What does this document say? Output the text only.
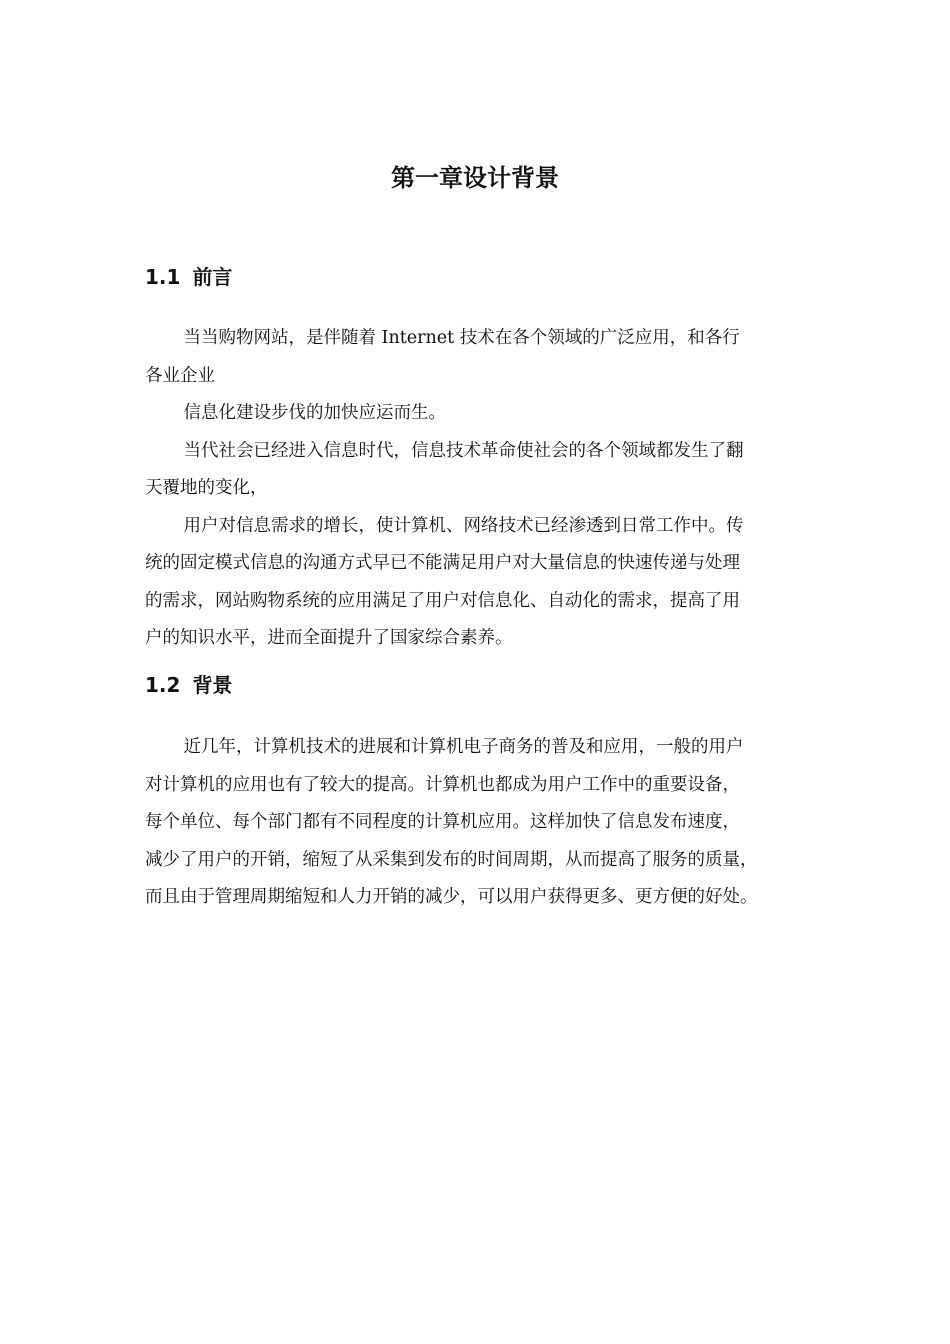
第一章设计背景
1.1 前言

当当购物网站，是伴随着 Internet 技术在各个领域的广泛应用，和各行

各业企业

信息化建设步伐的加快应运而生。

当代社会已经进入信息时代，信息技术革命使社会的各个领域都发生了翻

天覆地的变化，

用户对信息需求的增长，使计算机、网络技术已经渗透到日常工作中。传

统的固定模式信息的沟通方式早已不能满足用户对大量信息的快速传递与处理

的需求，网站购物系统的应用满足了用户对信息化、自动化的需求，提高了用

户的知识水平，进而全面提升了国家综合素养。

1.2 背景

近几年，计算机技术的进展和计算机电子商务的普及和应用，一般的用户

对计算机的应用也有了较大的提高。计算机也都成为用户工作中的重要设备，

每个单位、每个部门都有不同程度的计算机应用。这样加快了信息发布速度，

减少了用户的开销，缩短了从采集到发布的时间周期，从而提高了服务的质量，

而且由于管理周期缩短和人力开销的减少，可以用户获得更多、更方便的好处。
